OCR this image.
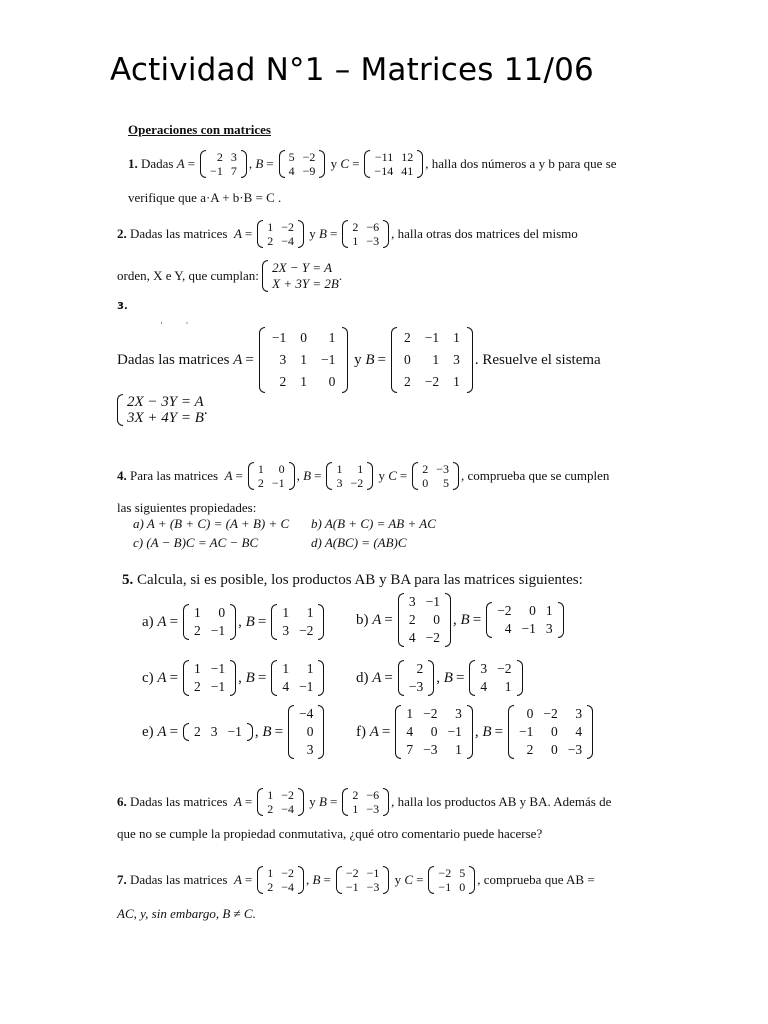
Actividad N°1 – Matrices 11/06
Operaciones con matrices
1.
Dadas
A = 2	3
−1	7 , B = 5	−2
4	−9 y C = −11	12
−14	41 , halla dos números a y b para que se
verifique que a·A + b·B = C .
2.
Dadas las matrices
A = 1	−2
2	−4 y B = 2	−6
1	−3 , halla otras dos matrices del mismo
orden, X e Y, que cumplan:

2X − Y = A
X + 3Y = 2B
.
3.
·          ·
Dadas las matrices
A =
−1	0	1
3	1	−1
2	1	0
y B =
2	−1	1
0	1	3
2	−2	1
. Resuelve el sistema
2X − 3Y = A
3X + 4Y = B
.
4.
Para las matrices
A = 1	0
2	−1 , B = 1	1
3	−2 y C = 2	−3
0	5 , comprueba que se cumplen
las siguientes propiedades:
a) A + (B + C) = (A + B) + C b) A(B + C) = AB + AC
c) (A − B)C = AC − BC	d) A(BC) = (AB)C
5.
Calcula, si es posible, los productos AB y BA para las matrices siguientes:
a)
A =
1	0
2	−1
, B =
1	1
3	−2
b)
A =
3	−1
2	0
4	−2
, B =
−2	0	1
4	−1	3
c)
A =
1	−1
2	−1
, B =
1	1
4	−1
d)
A =
2
−3
, B =
3	−2
4	1
e)
A = 2	3	−1 , B =
−4
0
3
f)
A =
1	−2	3
4	0	−1
7	−3	1
, B =
0	−2	3
−1	0	4
2	0	−3
6.
Dadas las matrices
A = 1	−2
2	−4 y B = 2	−6
1	−3 , halla los productos AB y BA. Además de
que no se cumple la propiedad conmutativa, ¿qué otro comentario puede hacerse?
7.
Dadas las matrices
A = 1	−2
2	−4 , B = −2	−1
−1	−3 y C = −2	5
−1	0 , comprueba que AB =
AC, y, sin embargo, B ≠ C.
